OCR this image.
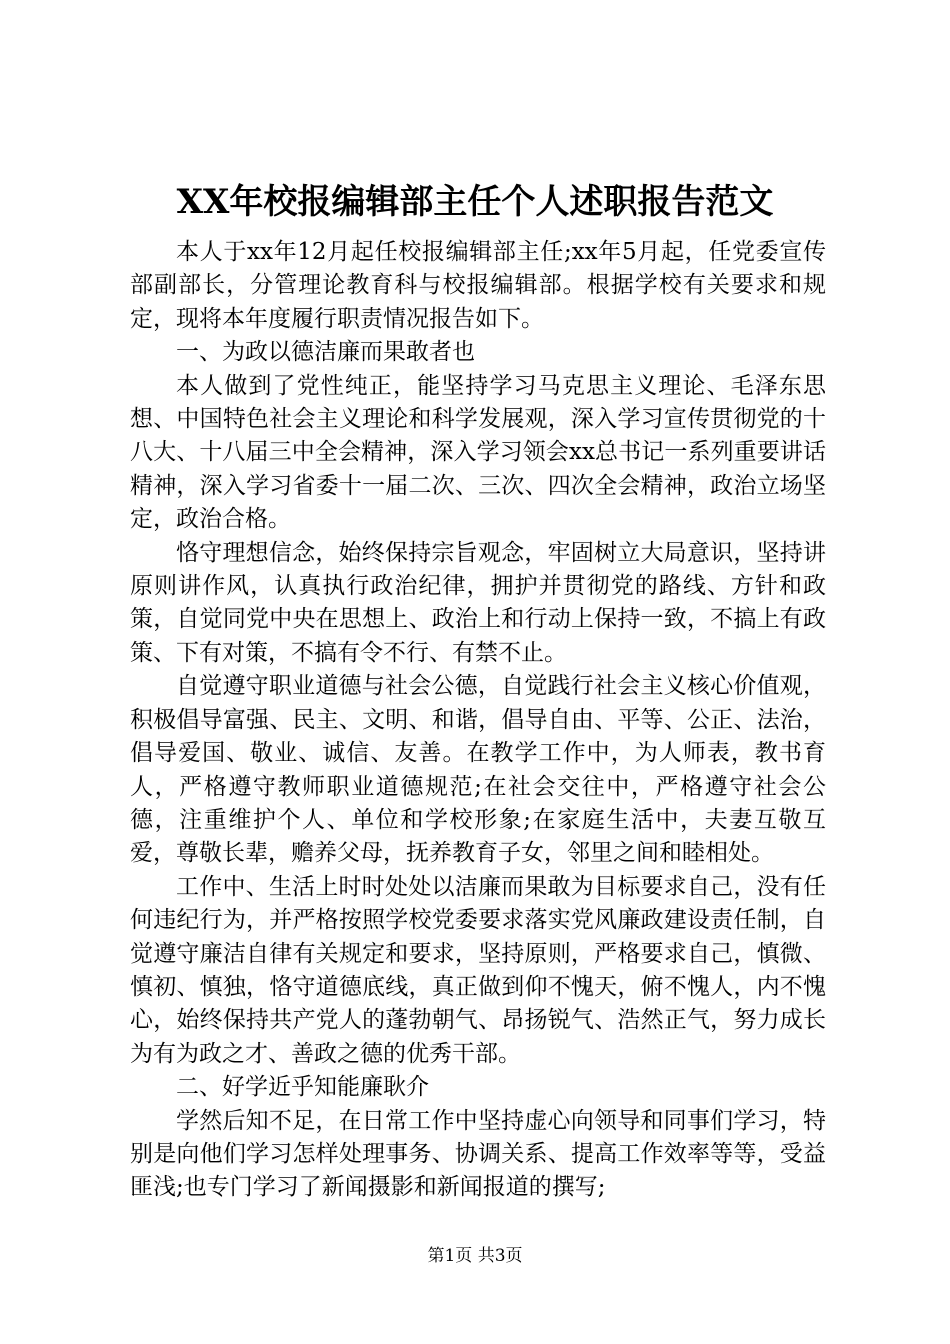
XX年校报编辑部主任个人述职报告范文

本人于xx年12月起任校报编辑部主任;xx年5月起，任党委宣传部副部长，分管理论教育科与校报编辑部。根据学校有关要求和规定，现将本年度履行职责情况报告如下。

一、为政以德洁廉而果敢者也

本人做到了党性纯正，能坚持学习马克思主义理论、毛泽东思想、中国特色社会主义理论和科学发展观，深入学习宣传贯彻党的十八大、十八届三中全会精神，深入学习领会xx总书记一系列重要讲话精神，深入学习省委十一届二次、三次、四次全会精神，政治立场坚定，政治合格。

恪守理想信念，始终保持宗旨观念，牢固树立大局意识，坚持讲原则讲作风，认真执行政治纪律，拥护并贯彻党的路线、方针和政策，自觉同党中央在思想上、政治上和行动上保持一致，不搞上有政策、下有对策，不搞有令不行、有禁不止。

自觉遵守职业道德与社会公德，自觉践行社会主义核心价值观，积极倡导富强、民主、文明、和谐，倡导自由、平等、公正、法治，倡导爱国、敬业、诚信、友善。在教学工作中，为人师表，教书育人，严格遵守教师职业道德规范;在社会交往中，严格遵守社会公德，注重维护个人、单位和学校形象;在家庭生活中，夫妻互敬互爱，尊敬长辈，赡养父母，抚养教育子女，邻里之间和睦相处。

工作中、生活上时时处处以洁廉而果敢为目标要求自己，没有任何违纪行为，并严格按照学校党委要求落实党风廉政建设责任制，自觉遵守廉洁自律有关规定和要求，坚持原则，严格要求自己，慎微、慎初、慎独，恪守道德底线，真正做到仰不愧天，俯不愧人，内不愧心，始终保持共产党人的蓬勃朝气、昂扬锐气、浩然正气，努力成长为有为政之才、善政之德的优秀干部。

二、好学近乎知能廉耿介

学然后知不足，在日常工作中坚持虚心向领导和同事们学习，特别是向他们学习怎样处理事务、协调关系、提高工作效率等等，受益匪浅;也专门学习了新闻摄影和新闻报道的撰写;

第1页 共3页
